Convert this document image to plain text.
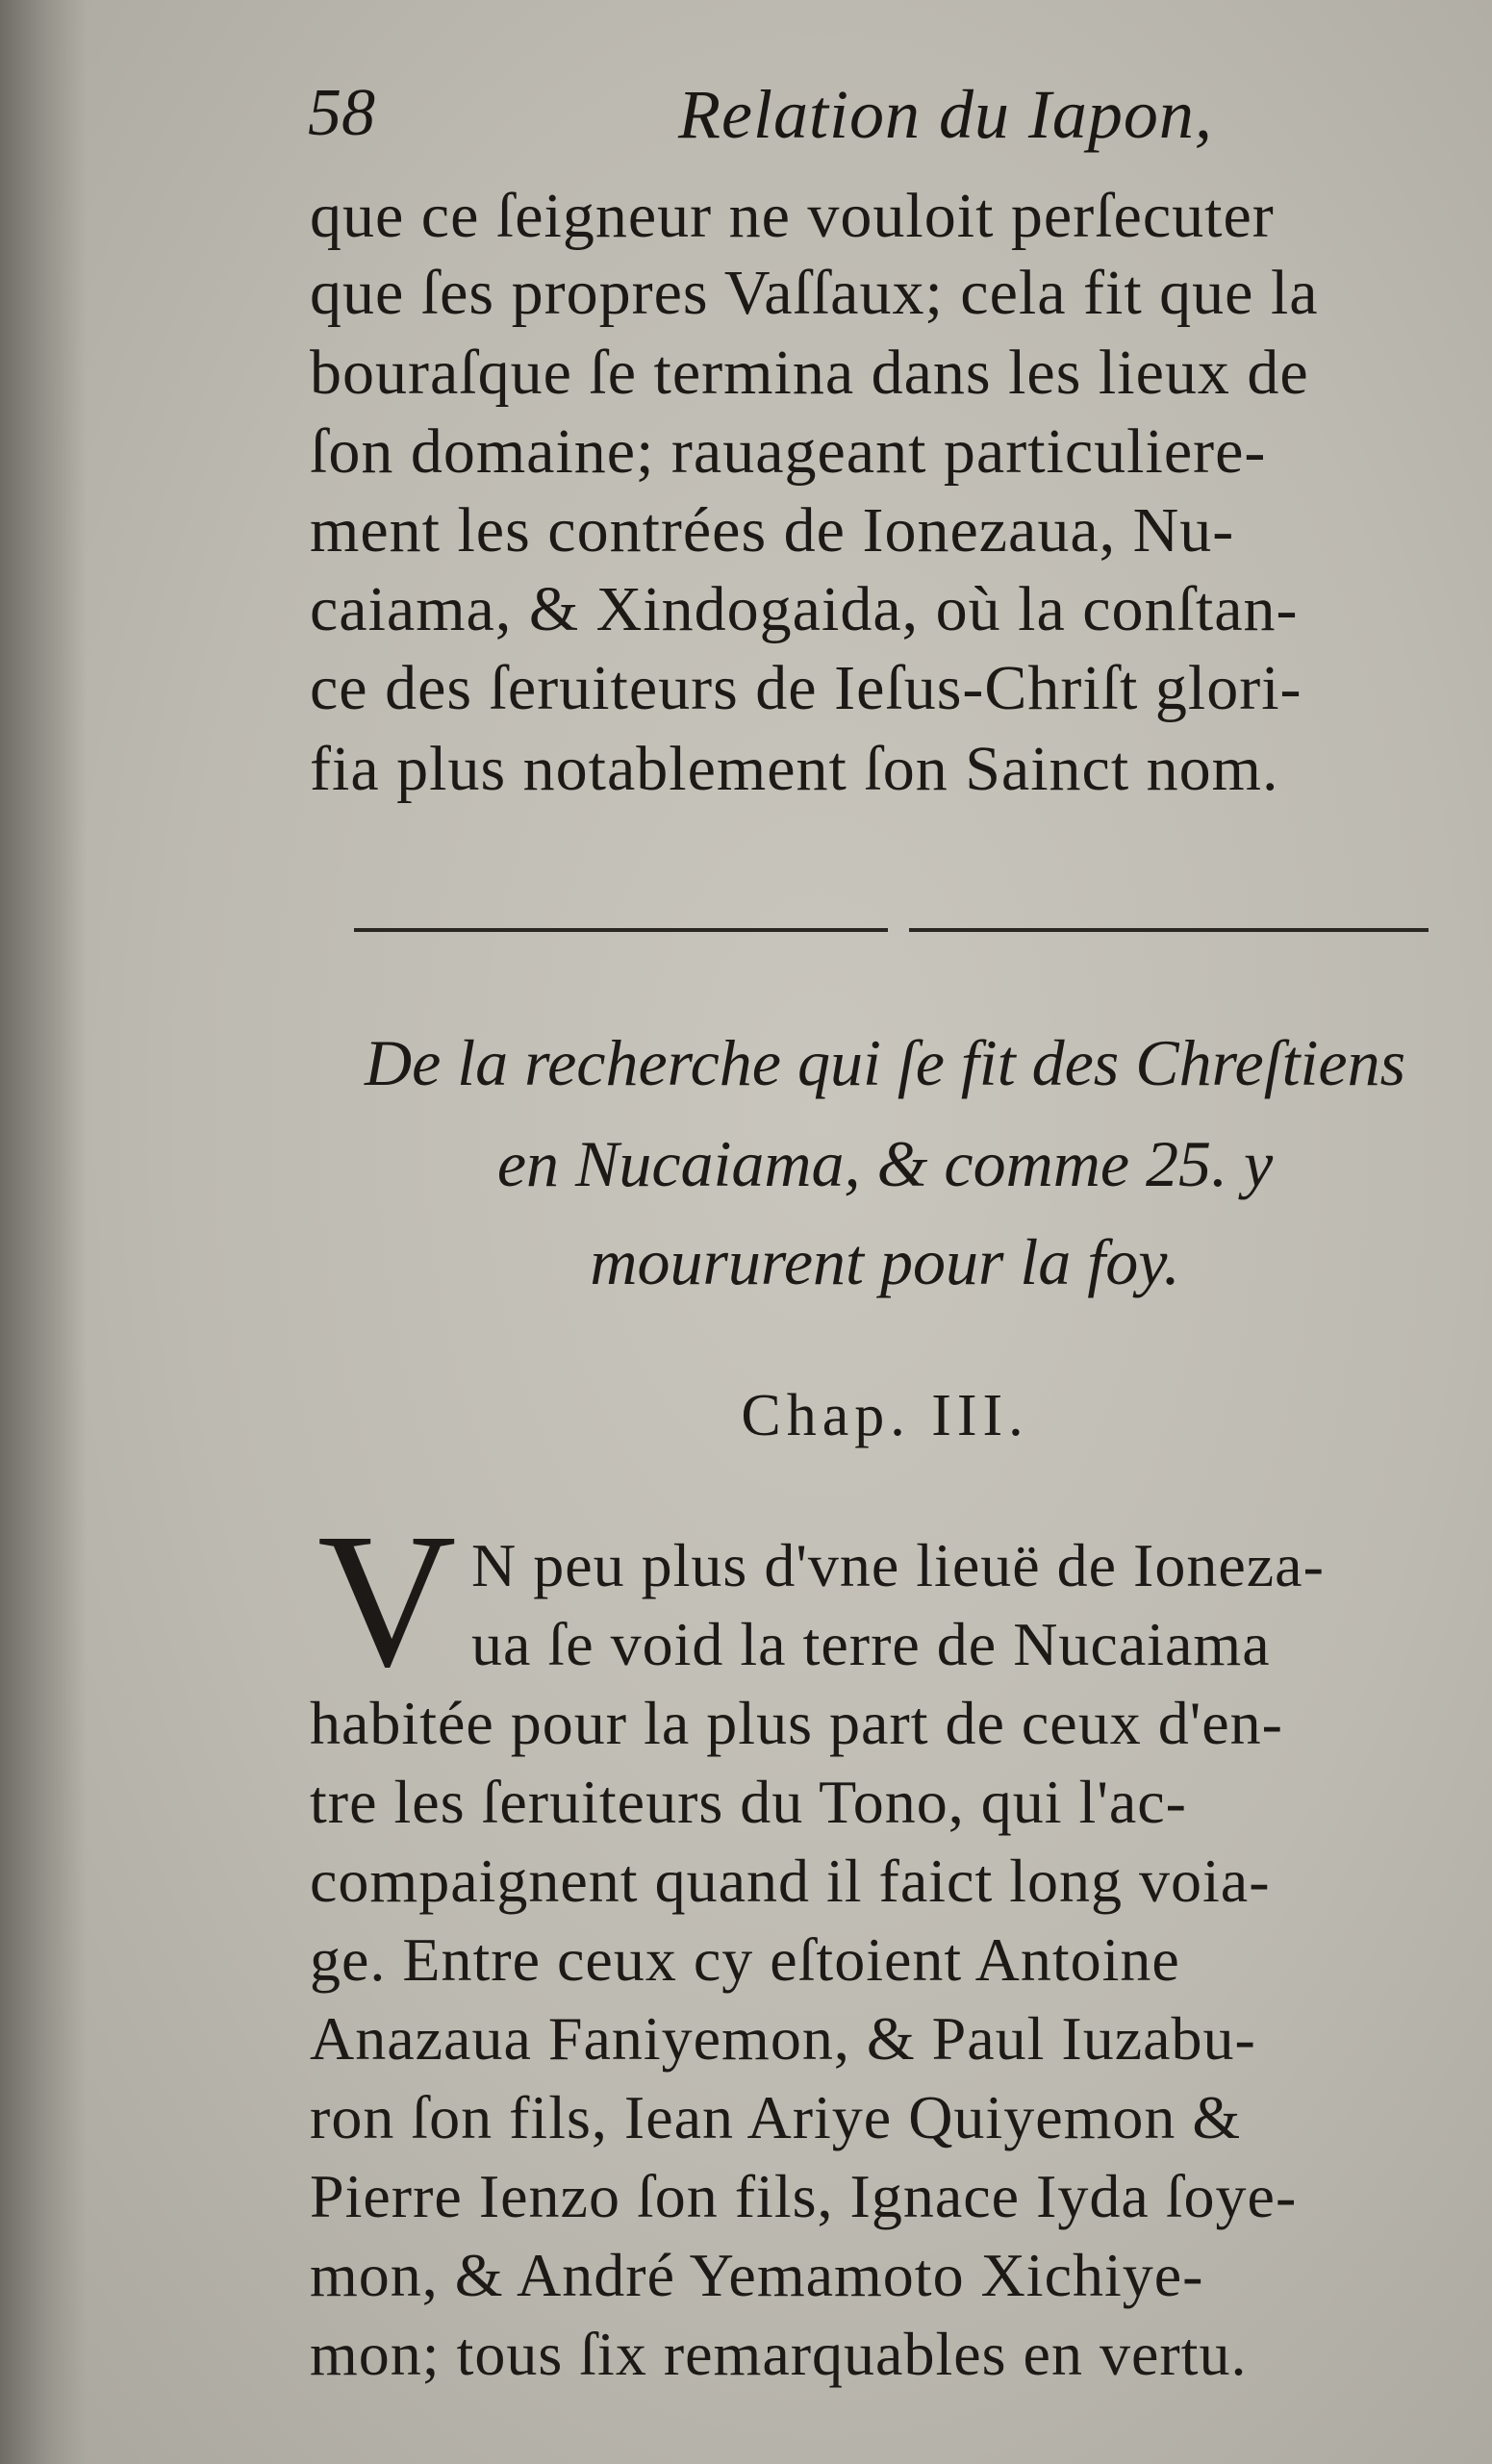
58	Relation du Iapon,
que ce ſeigneur ne vouloit perſecuter
que ſes propres Vaſſaux; cela fit que la
bouraſque ſe termina dans les lieux de
ſon domaine; rauageant particuliere-
ment les contrées de Ionezaua, Nu-
caiama, & Xindogaida, où la conſtan-
ce des ſeruiteurs de Ieſus-Chriſt glori-
fia plus notablement ſon Sainct nom.
De la recherche qui ſe fit des Chreſtiens
en Nucaiama, & comme 25. y
moururent pour la foy.
Chap. III.
V N peu plus d'vne lieuë de Ioneza-
ua ſe void la terre de Nucaiama
habitée pour la plus part de ceux d'en-
tre les ſeruiteurs du Tono, qui l'ac-
compaignent quand il faict long voia-
ge. Entre ceux cy eſtoient Antoine
Anazaua Faniyemon, & Paul Iuzabu-
ron ſon fils, Iean Ariye Quiyemon &
Pierre Ienzo ſon fils, Ignace Iyda ſoye-
mon, & André Yemamoto Xichiye-
mon; tous ſix remarquables en vertu.
